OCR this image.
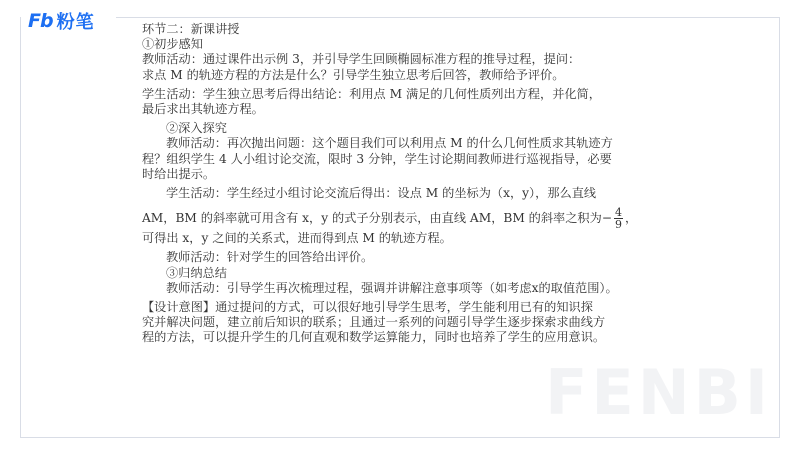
Fb 粉笔
FENBI

环节二：新课讲授

①初步感知

教师活动：通过课件出示例 3，并引导学生回顾椭圆标准方程的推导过程，提问：

求点 M 的轨迹方程的方法是什么？引导学生独立思考后回答，教师给予评价。

学生活动：学生独立思考后得出结论：利用点 M 满足的几何性质列出方程，并化简，

最后求出其轨迹方程。

②深入探究

教师活动：再次抛出问题：这个题目我们可以利用点 M 的什么几何性质求其轨迹方

程？组织学生 4 人小组讨论交流，限时 3 分钟，学生讨论期间教师进行巡视指导，必要

时给出提示。

学生活动：学生经过小组讨论交流后得出：设点 M 的坐标为（x，y），那么直线

AM，BM 的斜率就可用含有 x，y 的式子分别表示，由直线 AM，BM 的斜率之积为− $\frac{4}{9}$ ，

可得出 x，y 之间的关系式，进而得到点 M 的轨迹方程。

教师活动：针对学生的回答给出评价。

③归纳总结

教师活动：引导学生再次梳理过程，强调并讲解注意事项等（如考虑x的取值范围）。

【设计意图】通过提问的方式，可以很好地引导学生思考，学生能利用已有的知识探

究并解决问题，建立前后知识的联系；且通过一系列的问题引导学生逐步探索求曲线方

程的方法，可以提升学生的几何直观和数学运算能力，同时也培养了学生的应用意识。
